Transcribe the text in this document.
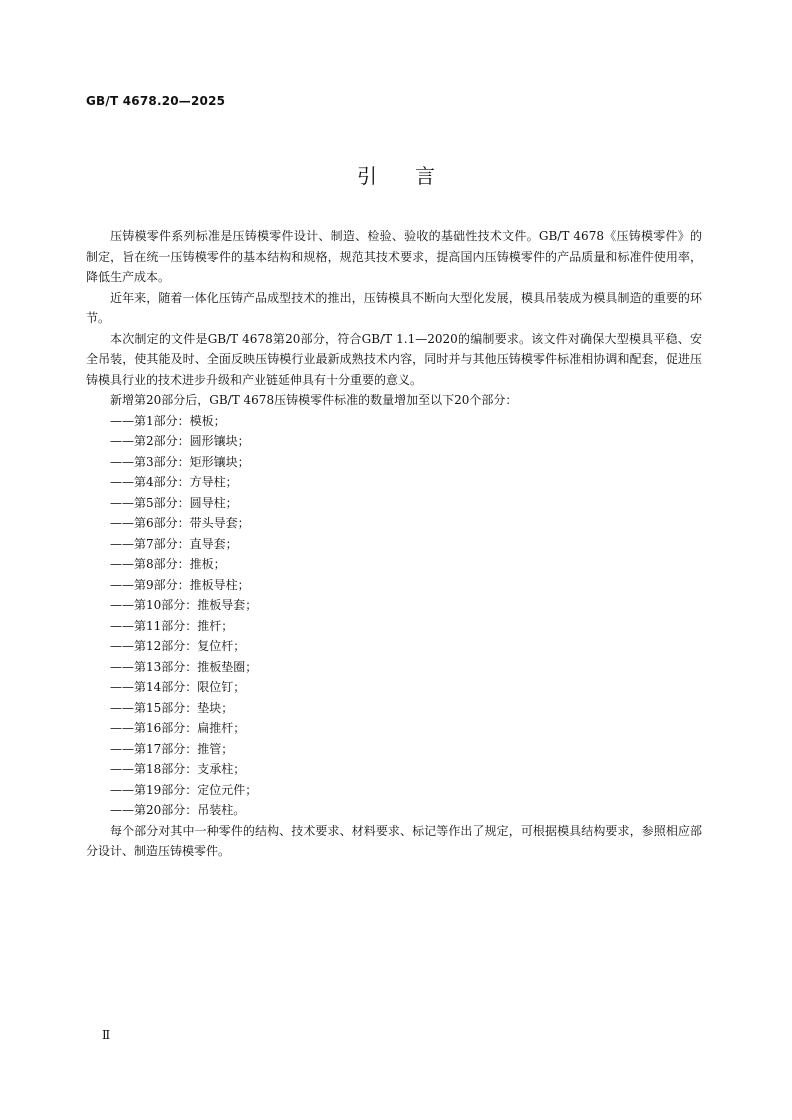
GB/T 4678.20—2025
引言

压铸模零件系列标准是压铸模零件设计、制造、检验、验收的基础性技术文件。GB/T 4678《压铸模零件》的制定，旨在统一压铸模零件的基本结构和规格，规范其技术要求，提高国内压铸模零件的产品质量和标准件使用率，降低生产成本。

近年来，随着一体化压铸产品成型技术的推出，压铸模具不断向大型化发展，模具吊装成为模具制造的重要的环节。

本次制定的文件是GB/T 4678第20部分，符合GB/T 1.1—2020的编制要求。该文件对确保大型模具平稳、安全吊装，使其能及时、全面反映压铸模行业最新成熟技术内容，同时并与其他压铸模零件标准相协调和配套，促进压铸模具行业的技术进步升级和产业链延伸具有十分重要的意义。

新增第20部分后，GB/T 4678压铸模零件标准的数量增加至以下20个部分：

——第1部分：模板；
——第2部分：圆形镶块；
——第3部分：矩形镶块；
——第4部分：方导柱；
——第5部分：圆导柱；
——第6部分：带头导套；
——第7部分：直导套；
——第8部分：推板；
——第9部分：推板导柱；
——第10部分：推板导套；
——第11部分：推杆；
——第12部分：复位杆；
——第13部分：推板垫圈；
——第14部分：限位钉；
——第15部分：垫块；
——第16部分：扁推杆；
——第17部分：推管；
——第18部分：支承柱；
——第19部分：定位元件；
——第20部分：吊装柱。

每个部分对其中一种零件的结构、技术要求、材料要求、标记等作出了规定，可根据模具结构要求，参照相应部分设计、制造压铸模零件。

Ⅱ
